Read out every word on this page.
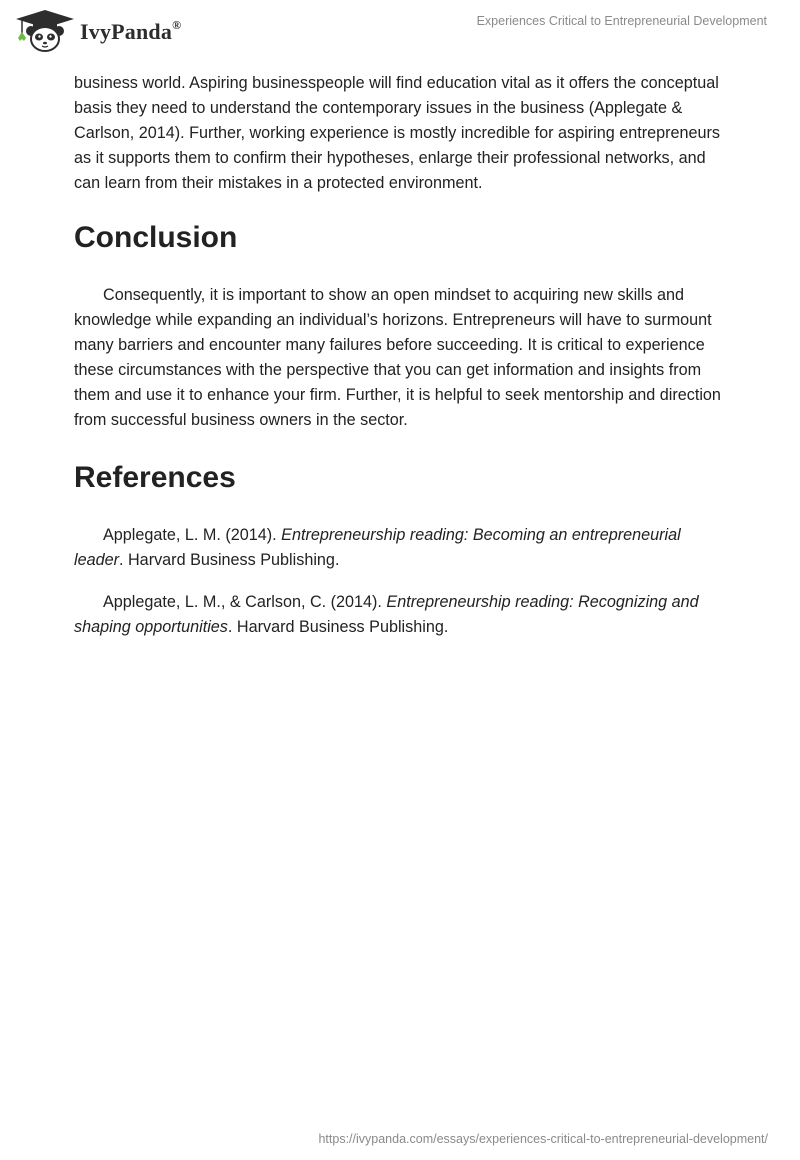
IvyPanda®	Experiences Critical to Entrepreneurial Development

business world. Aspiring businesspeople will find education vital as it offers the conceptual basis they need to understand the contemporary issues in the business (Applegate & Carlson, 2014). Further, working experience is mostly incredible for aspiring entrepreneurs as it supports them to confirm their hypotheses, enlarge their professional networks, and can learn from their mistakes in a protected environment.

Conclusion

Consequently, it is important to show an open mindset to acquiring new skills and knowledge while expanding an individual’s horizons. Entrepreneurs will have to surmount many barriers and encounter many failures before succeeding. It is critical to experience these circumstances with the perspective that you can get information and insights from them and use it to enhance your firm. Further, it is helpful to seek mentorship and direction from successful business owners in the sector.

References

Applegate, L. M. (2014). Entrepreneurship reading: Becoming an entrepreneurial leader. Harvard Business Publishing.

Applegate, L. M., & Carlson, C. (2014). Entrepreneurship reading: Recognizing and shaping opportunities. Harvard Business Publishing.

https://ivypanda.com/essays/experiences-critical-to-entrepreneurial-development/
